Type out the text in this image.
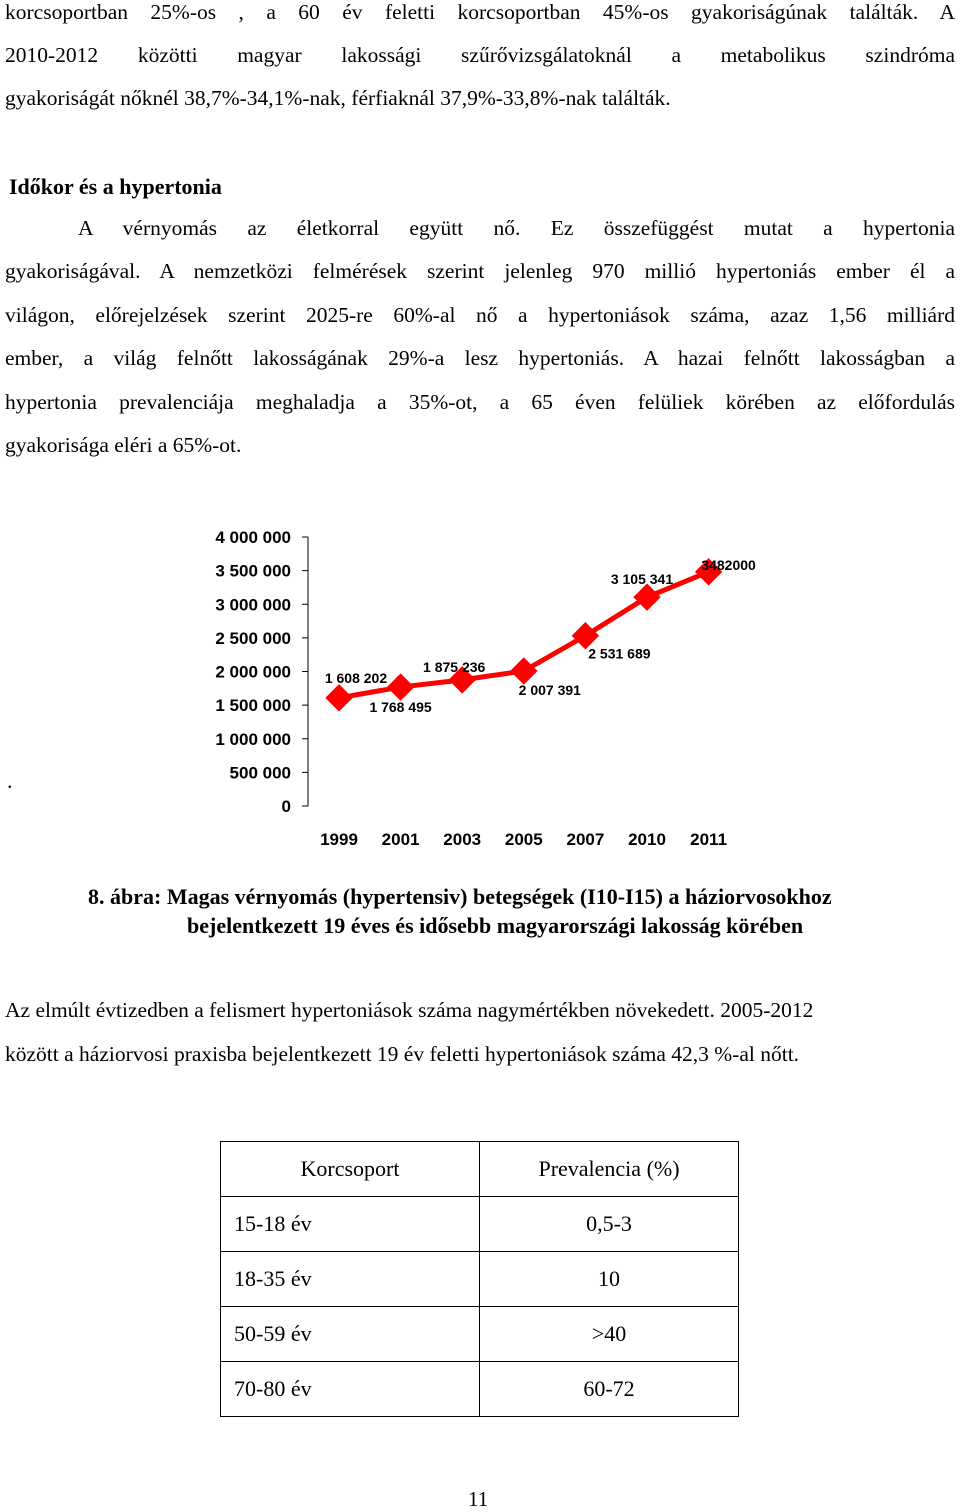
korcsoportban 25%-os , a 60 év feletti korcsoportban 45%-os gyakoriságúnak találták. A
2010-2012 közötti magyar lakossági szűrővizsgálatoknál a metabolikus szindróma
gyakoriságát nőknél 38,7%-34,1%-nak, férfiaknál 37,9%-33,8%-nak találták.
Időkor és a hypertonia
A vérnyomás az életkorral együtt nő. Ez összefüggést mutat a hypertonia
gyakoriságával. A nemzetközi felmérések szerint jelenleg 970 millió hypertoniás ember él a
világon, előrejelzések szerint 2025-re 60%-al nő a hypertoniások száma, azaz 1,56 milliárd
ember, a világ felnőtt lakosságának 29%-a lesz hypertoniás. A hazai felnőtt lakosságban a
hypertonia prevalenciája meghaladja a 35%-ot, a 65 éven felüliek körében az előfordulás
gyakorisága eléri a 65%-ot.
.
0
500 000
1 000 000
1 500 000
2 000 000
2 500 000
3 000 000
3 500 000
4 000 000
1999 2001 2003 2005 2007 2010 2011
1 608 202
1 768 495
1 875 236
2 007 391
2 531 689
3 105 341
3482000
8. ábra: Magas vérnyomás (hypertensiv) betegségek (I10-I15) a háziorvosokhoz
bejelentkezett 19 éves és idősebb magyarországi lakosság körében
Az elmúlt évtizedben a felismert hypertoniások száma nagymértékben növekedett. 2005-2012
között a háziorvosi praxisba bejelentkezett 19 év feletti hypertoniások száma 42,3 %-al nőtt.
Korcsoport	Prevalencia (%)
15-18 év	0,5-3
18-35 év	10
50-59 év	>40
70-80 év	60-72
11
